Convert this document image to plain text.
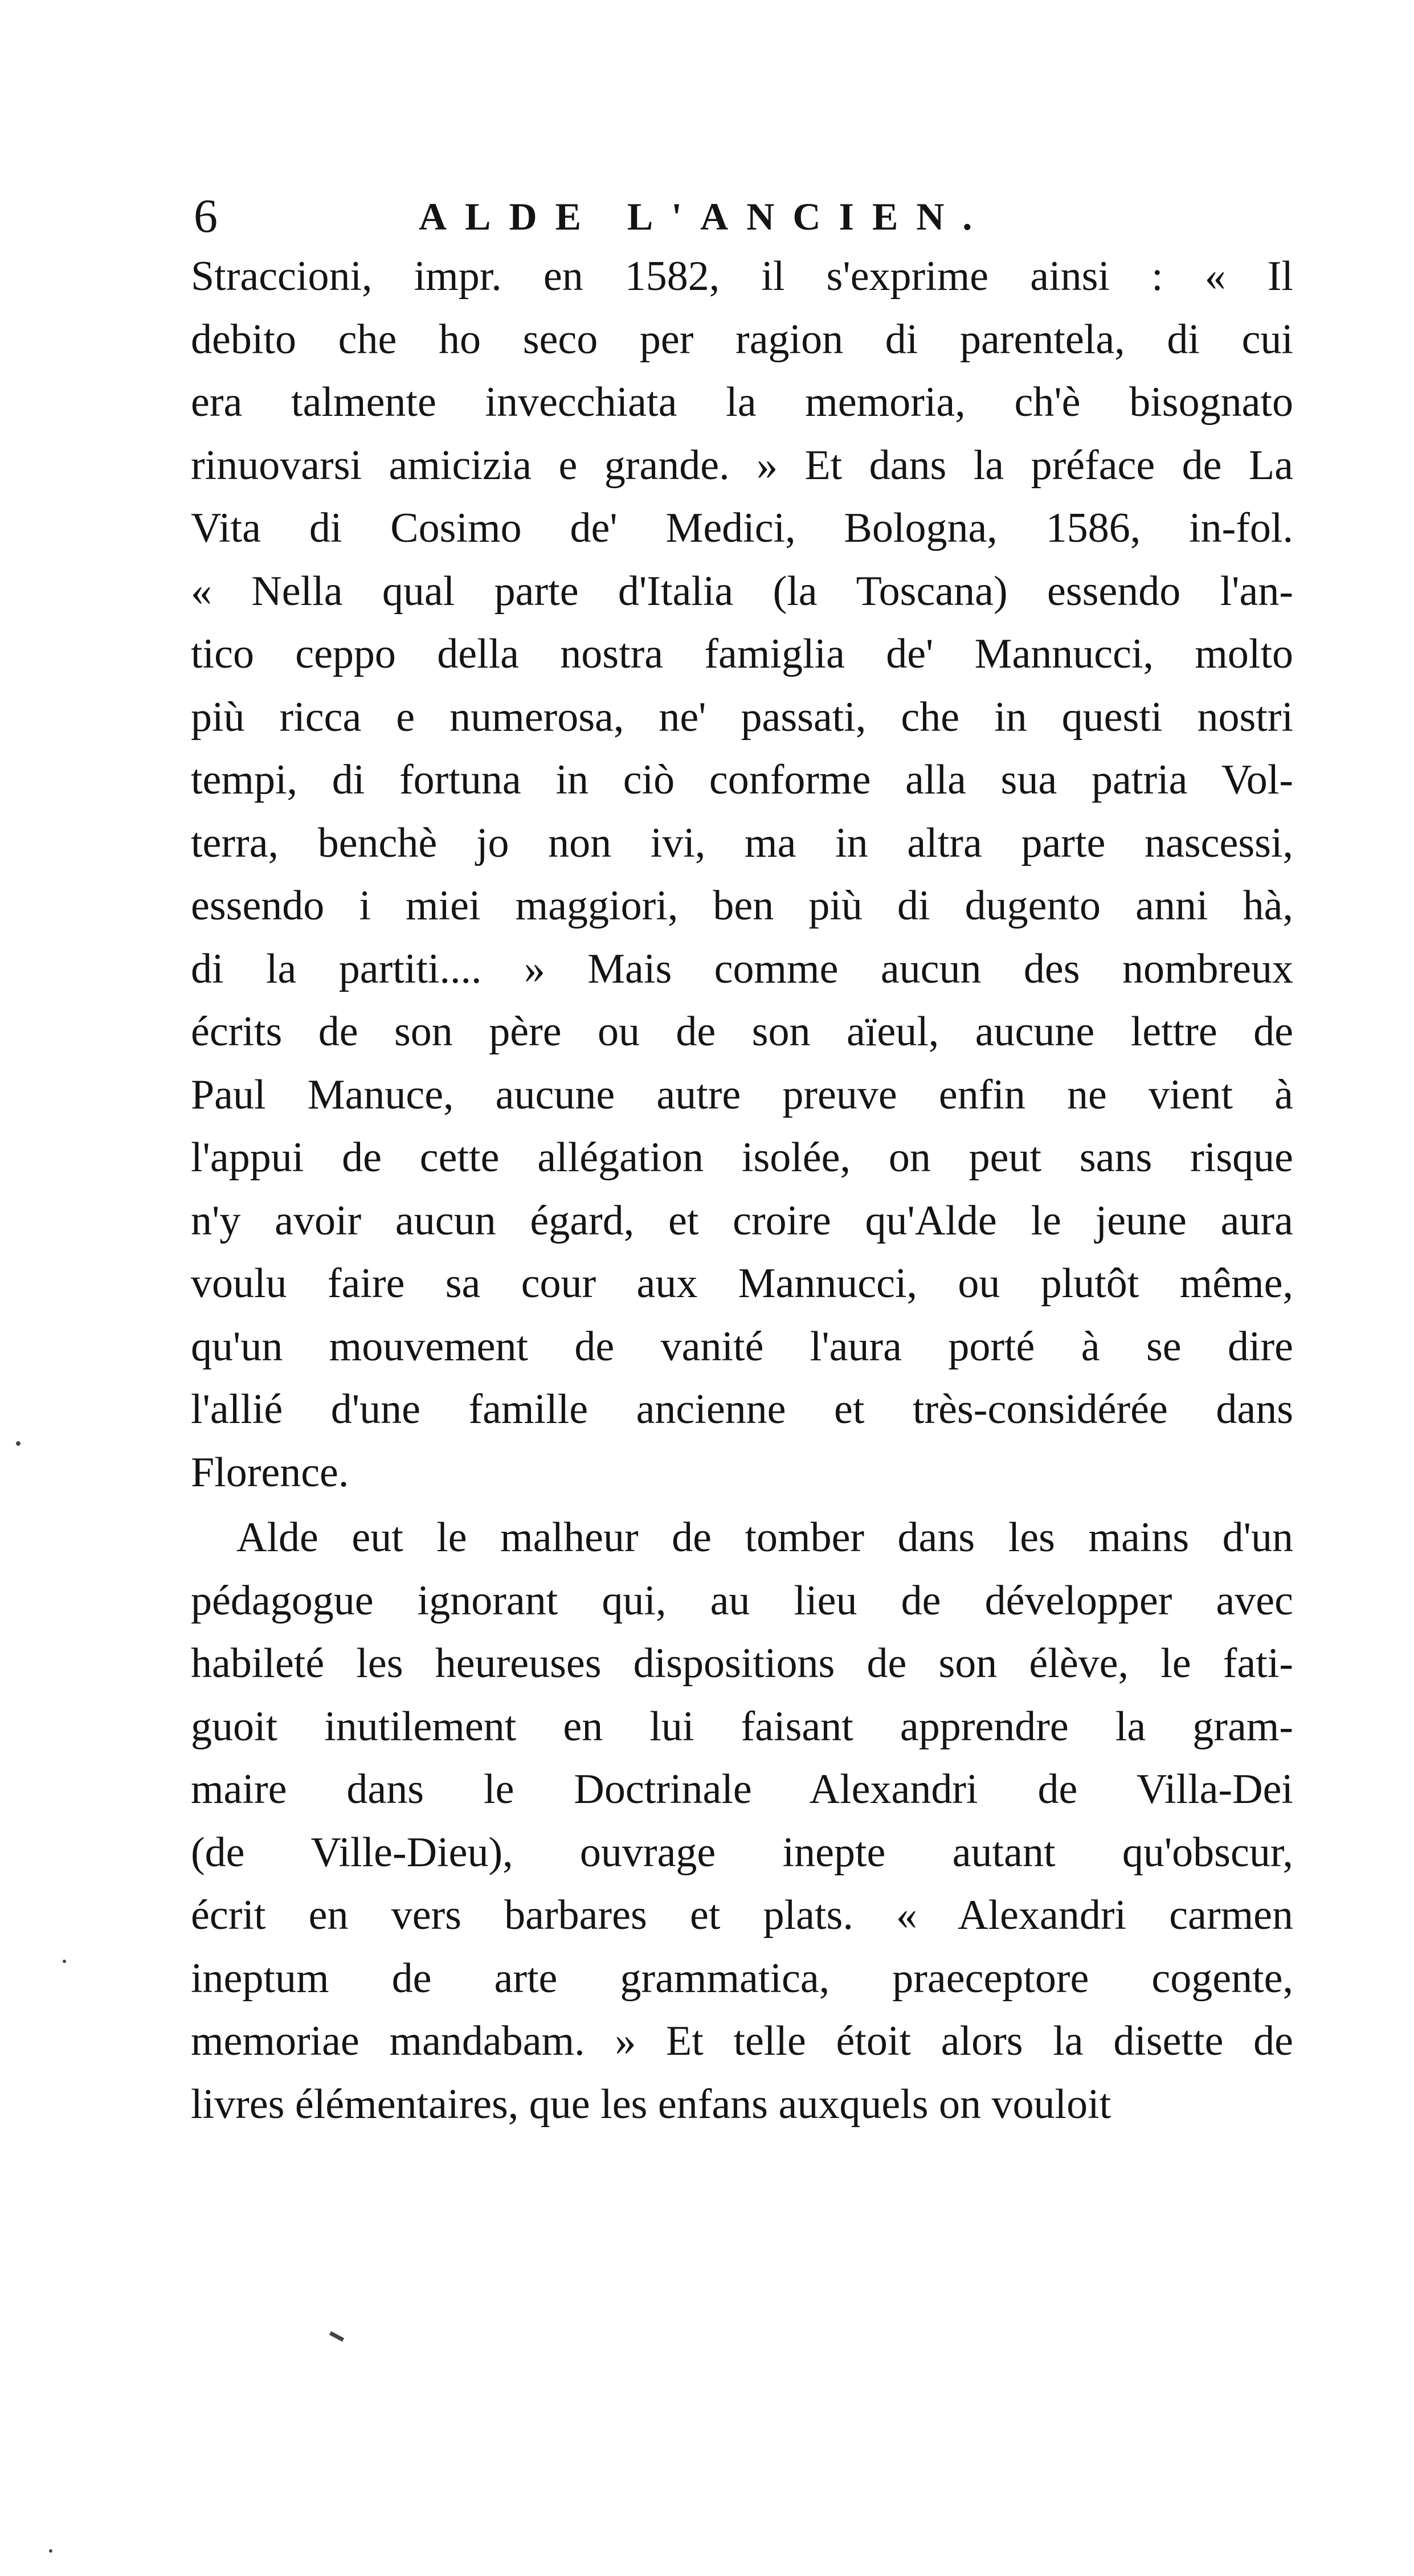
6	ALDE L'ANCIEN.
Straccioni, impr. en 1582, il s'exprime ainsi : « Il
debito che ho seco per ragion di parentela, di cui
era talmente invecchiata la memoria, ch'è bisognato
rinuovarsi amicizia e grande. » Et dans la préface de La
Vita di Cosimo de' Medici, Bologna, 1586, in-fol.
« Nella qual parte d'Italia (la Toscana) essendo l'an-
tico ceppo della nostra famiglia de' Mannucci, molto
più ricca e numerosa, ne' passati, che in questi nostri
tempi, di fortuna in ciò conforme alla sua patria Vol-
terra, benchè jo non ivi, ma in altra parte nascessi,
essendo i miei maggiori, ben più di dugento anni hà,
di la partiti.... » Mais comme aucun des nombreux
écrits de son père ou de son aïeul, aucune lettre de
Paul Manuce, aucune autre preuve enfin ne vient à
l'appui de cette allégation isolée, on peut sans risque
n'y avoir aucun égard, et croire qu'Alde le jeune aura
voulu faire sa cour aux Mannucci, ou plutôt même,
qu'un mouvement de vanité l'aura porté à se dire
l'allié d'une famille ancienne et très-considérée dans
Florence.
Alde eut le malheur de tomber dans les mains d'un
pédagogue ignorant qui, au lieu de développer avec
habileté les heureuses dispositions de son élève, le fati-
guoit inutilement en lui faisant apprendre la gram-
maire dans le Doctrinale Alexandri de Villa-Dei
(de Ville-Dieu), ouvrage inepte autant qu'obscur,
écrit en vers barbares et plats. « Alexandri carmen
ineptum de arte grammatica, praeceptore cogente,
memoriae mandabam. » Et telle étoit alors la disette de
livres élémentaires, que les enfans auxquels on vouloit
